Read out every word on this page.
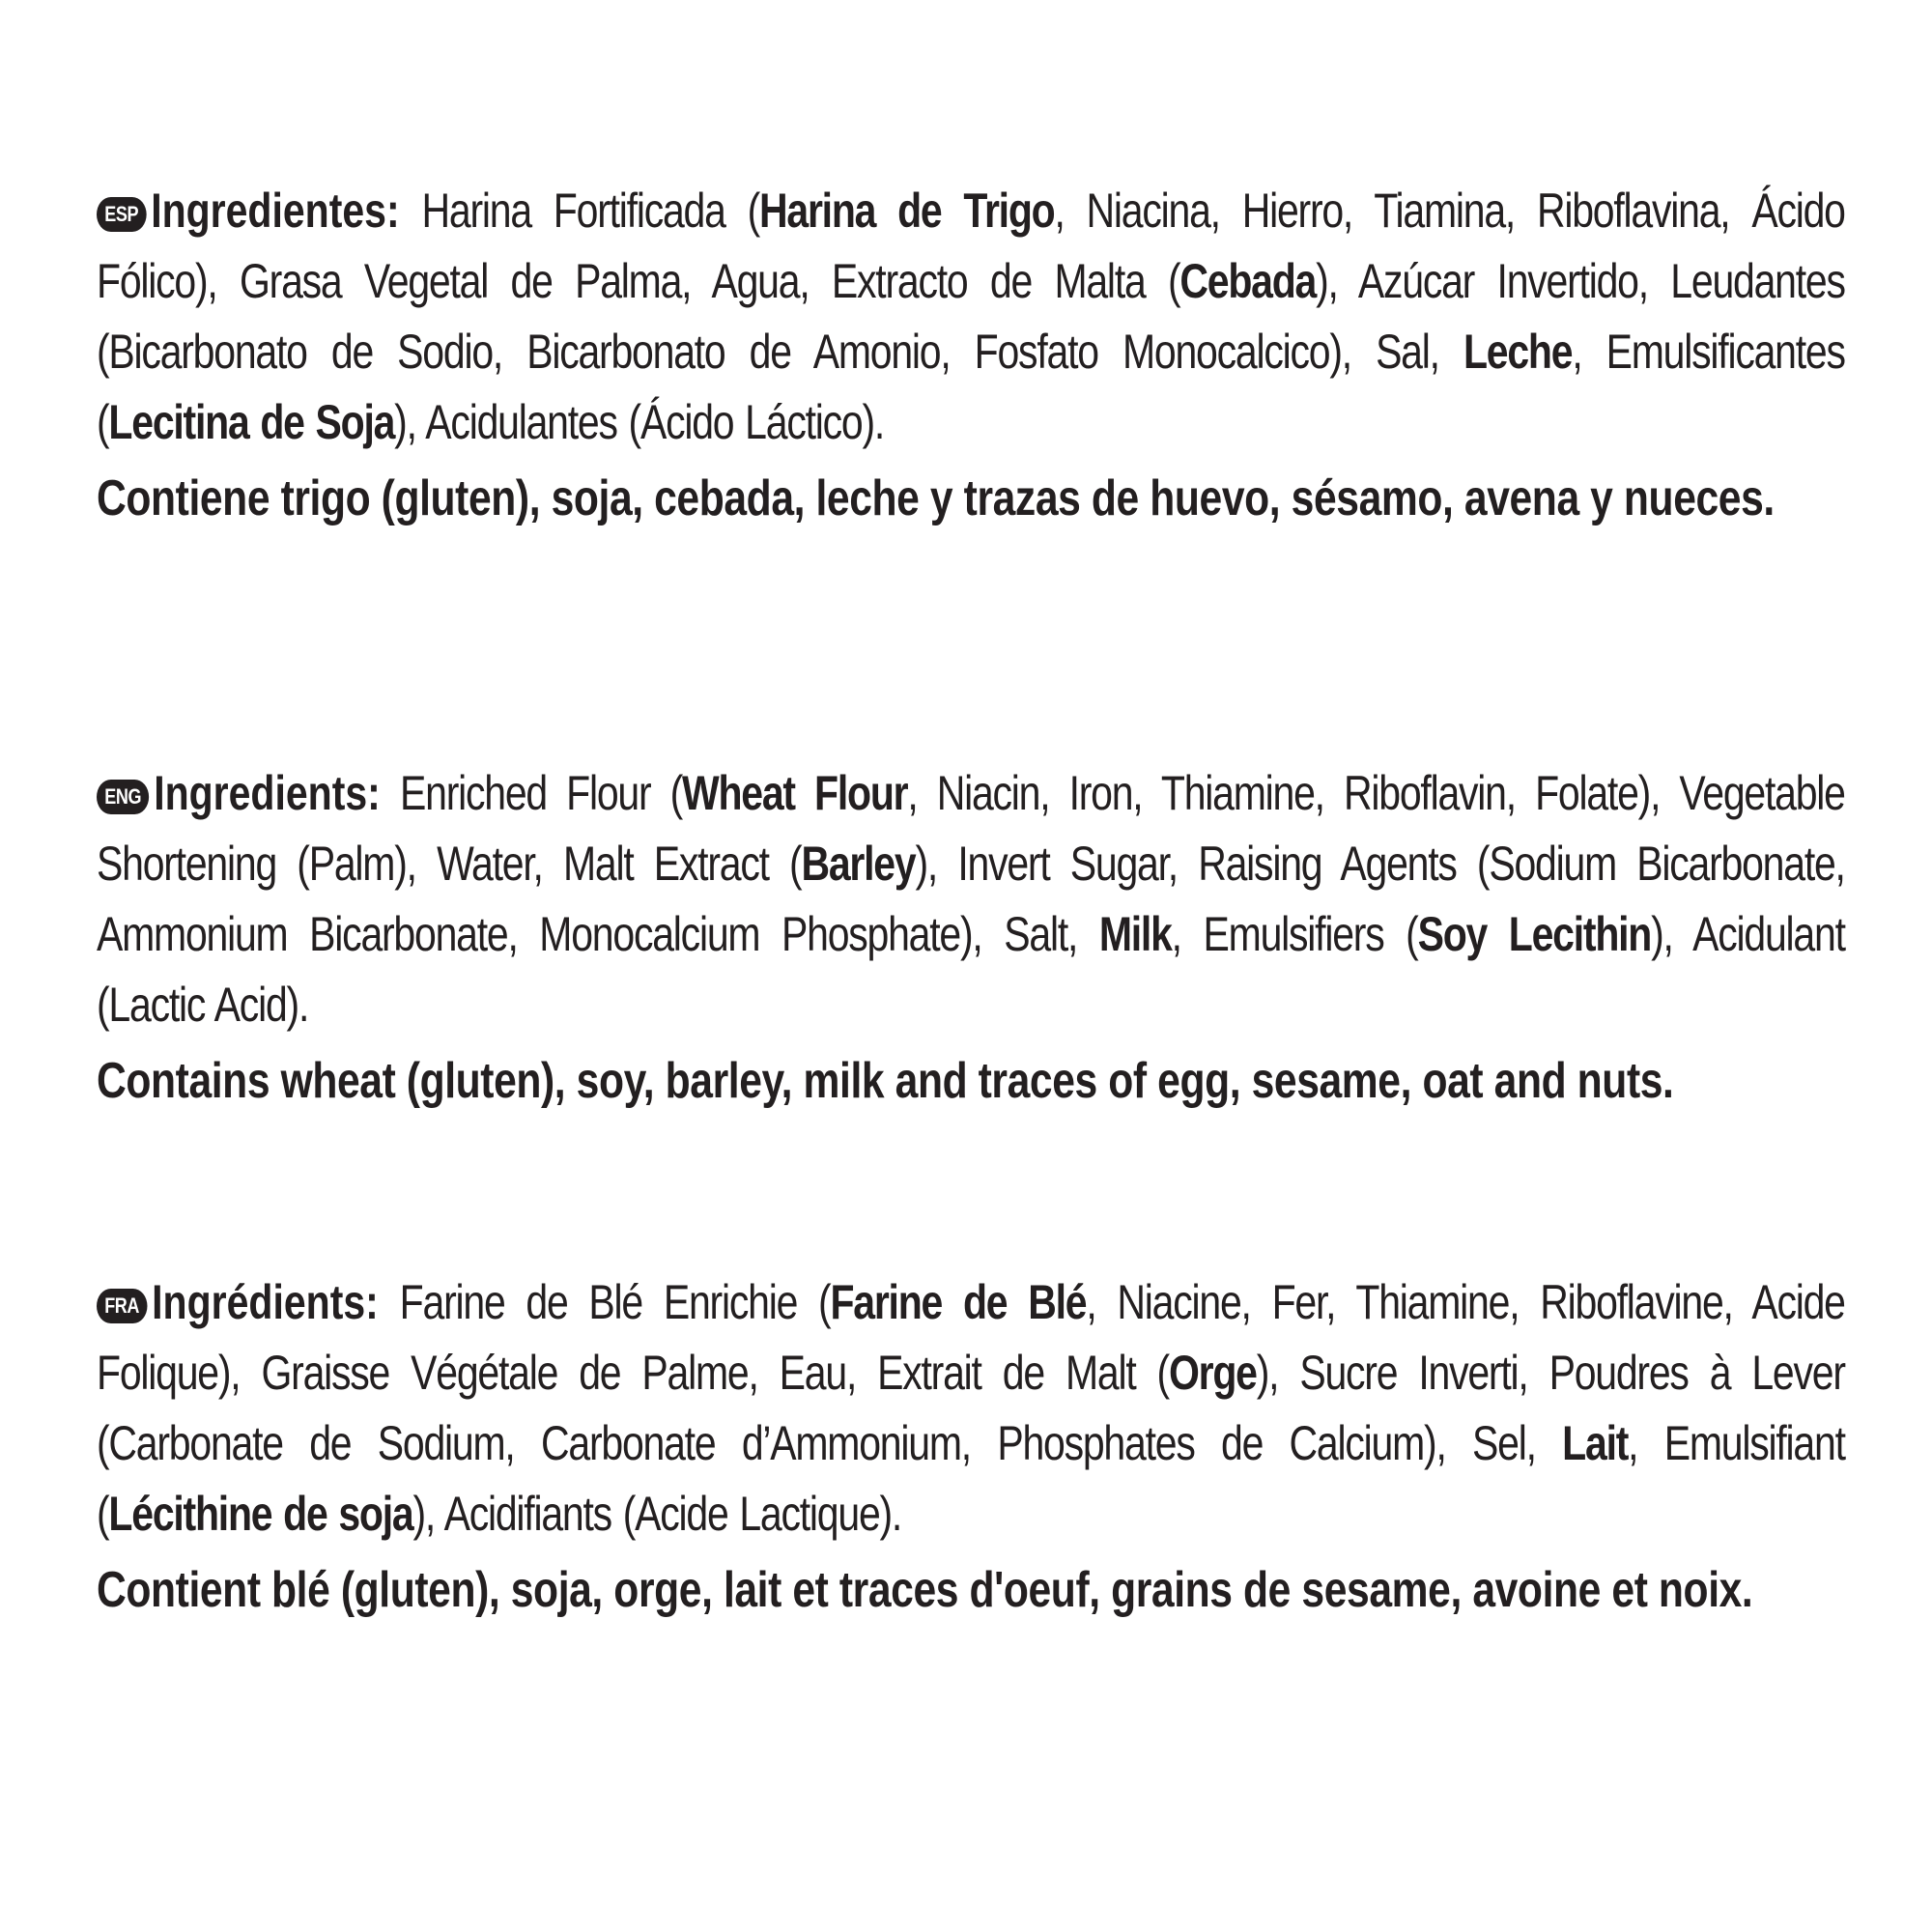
ESP Ingredientes: Harina Fortificada (Harina de Trigo, Niacina, Hierro, Tiamina, Riboflavina, Ácido Fólico), Grasa Vegetal de Palma, Agua, Extracto de Malta (Cebada), Azúcar Invertido, Leudantes (Bicarbonato de Sodio, Bicarbonato de Amonio, Fosfato Monocalcico), Sal, Leche, Emulsificantes (Lecitina de Soja), Acidulantes (Ácido Láctico).
Contiene trigo (gluten), soja, cebada, leche y trazas de huevo, sésamo, avena y nueces.
ENG Ingredients: Enriched Flour (Wheat Flour, Niacin, Iron, Thiamine, Riboflavin, Folate), Vegetable Shortening (Palm), Water, Malt Extract (Barley), Invert Sugar, Raising Agents (Sodium Bicarbonate, Ammonium Bicarbonate, Monocalcium Phosphate), Salt, Milk, Emulsifiers (Soy Lecithin), Acidulant (Lactic Acid).
Contains wheat (gluten), soy, barley, milk and traces of egg, sesame, oat and nuts.
FRA Ingrédients: Farine de Blé Enrichie (Farine de Blé, Niacine, Fer, Thiamine, Riboflavine, Acide Folique), Graisse Végétale de Palme, Eau, Extrait de Malt (Orge), Sucre Inverti, Poudres à Lever (Carbonate de Sodium, Carbonate d’Ammonium, Phosphates de Calcium), Sel, Lait, Emulsifiant (Lécithine de soja), Acidifiants (Acide Lactique).
Contient blé (gluten), soja, orge, lait et traces d'oeuf, grains de sesame, avoine et noix.
